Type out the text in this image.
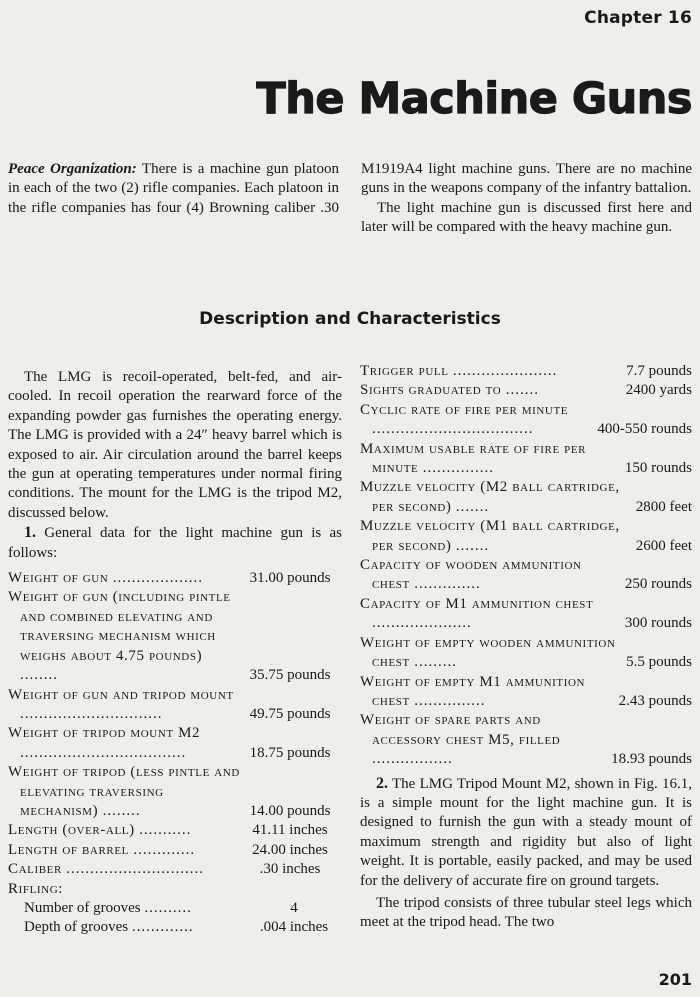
Chapter 16
The Machine Guns

Peace Organization: There is a machine gun platoon in each of the two (2) rifle companies. Each platoon in the rifle companies has four (4) Browning caliber .30 M1919A4 light machine guns. There are no machine guns in the weapons company of the infantry battalion.

The light machine gun is discussed first here and later will be compared with the heavy machine gun.

Description and Characteristics

The LMG is recoil-operated, belt-fed, and air-cooled. In recoil operation the rearward force of the expanding powder gas furnishes the operating energy. The LMG is provided with a 24″ heavy barrel which is exposed to air. Air circulation around the barrel keeps the gun at operating temperatures under normal firing conditions. The mount for the LMG is the tripod M2, discussed below.

1. General data for the light machine gun is as follows:

Weight of gun ...................	31.00 pounds
Weight of gun (including pintle and combined elevating and traversing mechanism which weighs about 4.75 pounds) ........	35.75 pounds
Weight of gun and tripod mount ..............................	49.75 pounds
Weight of tripod mount M2 ...................................	18.75 pounds
Weight of tripod (less pintle and elevating traversing mechanism) ........	14.00 pounds
Length (over-all) ...........	41.11 inches
Length of barrel .............	24.00 inches
Caliber .............................	.30 inches
Rifling:
Number of grooves ..........	4
Depth of grooves .............	.004 inches
Trigger pull ......................	7.7 pounds
Sights graduated to .......	2400 yards
Cyclic rate of fire per minute ..................................	400-550 rounds
Maximum usable rate of fire per minute ...............	150 rounds
Muzzle velocity (M2 ball cartridge, per second) .......	2800 feet
Muzzle velocity (M1 ball cartridge, per second) .......	2600 feet
Capacity of wooden ammunition chest ..............	250 rounds
Capacity of M1 ammunition chest .....................	300 rounds
Weight of empty wooden ammunition chest .........	5.5 pounds
Weight of empty M1 ammunition chest ...............	2.43 pounds
Weight of spare parts and accessory chest M5, filled .................	18.93 pounds

2. The LMG Tripod Mount M2, shown in Fig. 16.1, is a simple mount for the light machine gun. It is designed to furnish the gun with a steady mount of maximum strength and rigidity but also of light weight. It is portable, easily packed, and may be used for the delivery of accurate fire on ground targets.

The tripod consists of three tubular steel legs which meet at the tripod head. The two

201
